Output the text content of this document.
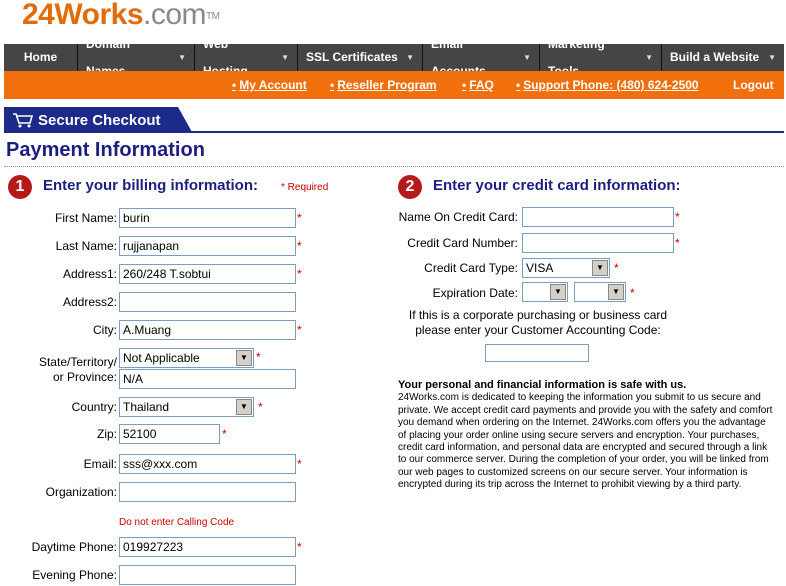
24Works.com™
Home
Domain
▼
Web
▼ SSL Certificates ▼
Email
▼
Marketing
▼ Build a Website ▼
• My Account • Reseller Program • FAQ • Support Phone: (480) 624-2500	Logout
Secure Checkout
Payment Information
1	Enter your billing information: * Required
First Name: burin	*
Last Name: rujjanapan	*
Address1: 260/248 T.sobtui	*
Address2:
City: A.Muang	*
State/Territory/
or Province:
Not Applicable	▼ *
N/A
Country: Thailand	▼ *
Zip: 52100	*
Email: sss@xxx.com	*
Organization:
Do not enter Calling Code
Daytime Phone: 019927223	*
Evening Phone:
2	Enter your credit card information:
Name On Credit Card:	*
Credit Card Number:	*
Credit Card Type: VISA	▼ *
Expiration Date:	▼	▼ *
If this is a corporate purchasing or business card
please enter your Customer Accounting Code:
Your personal and financial information is safe with us.
24Works.com is dedicated to keeping the information you submit to us secure and private. We accept credit card payments and provide you with the safety and comfort you demand when ordering on the Internet. 24Works.com offers you the advantage of placing your order online using secure servers and encryption. Your purchases, credit card information, and personal data are encrypted and secured through a link to our commerce server. During the completion of your order, you will be linked from our web pages to customized screens on our secure server. Your information is encrypted during its trip across the Internet to prohibit viewing by a third party.
